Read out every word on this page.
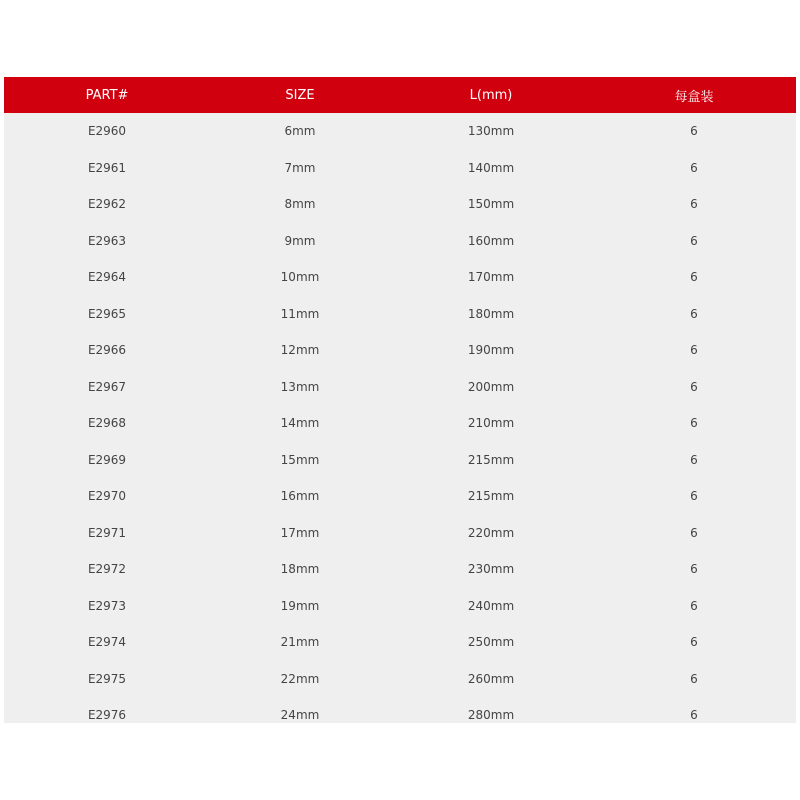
PART#	SIZE	L(mm)	每盒装
E2960	6mm	130mm	6
E2961	7mm	140mm	6
E2962	8mm	150mm	6
E2963	9mm	160mm	6
E2964	10mm	170mm	6
E2965	11mm	180mm	6
E2966	12mm	190mm	6
E2967	13mm	200mm	6
E2968	14mm	210mm	6
E2969	15mm	215mm	6
E2970	16mm	215mm	6
E2971	17mm	220mm	6
E2972	18mm	230mm	6
E2973	19mm	240mm	6
E2974	21mm	250mm	6
E2975	22mm	260mm	6
E2976	24mm	280mm	6
